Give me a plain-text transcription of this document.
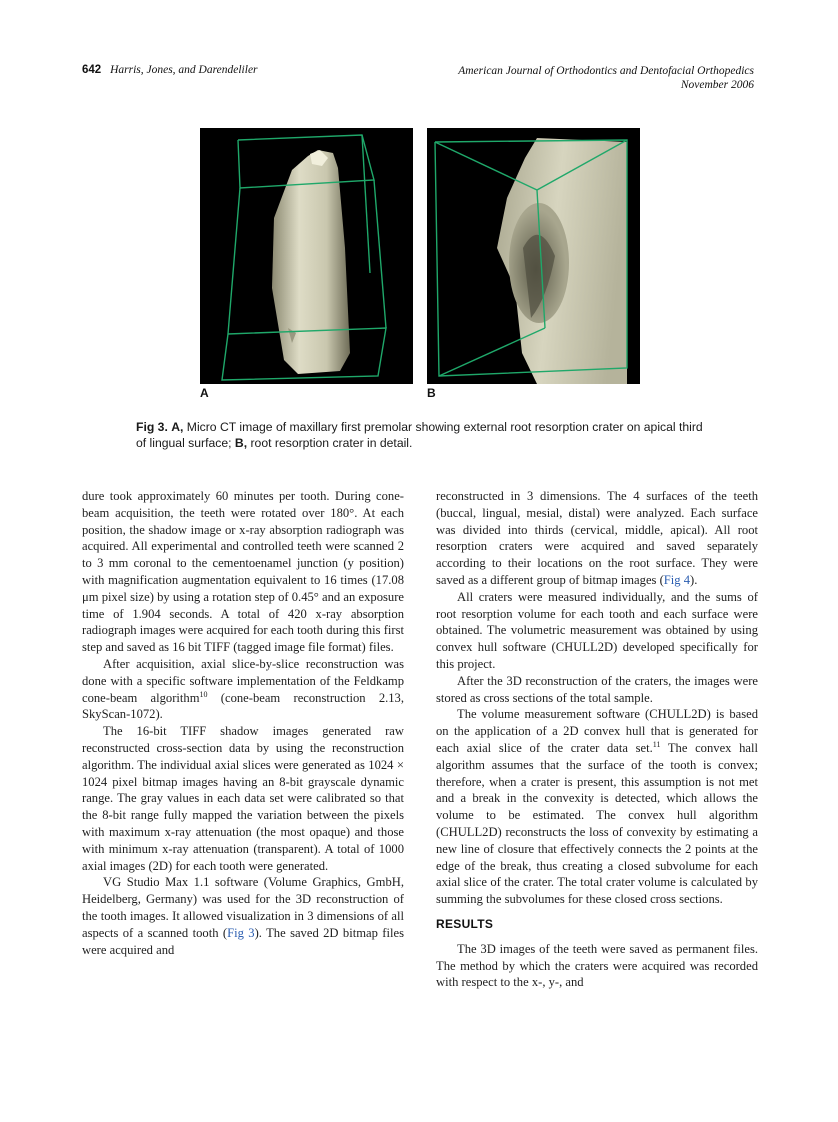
642 Harris, Jones, and Darendeliler	American Journal of Orthodontics and Dentofacial Orthopedics
November 2006
A	B
Fig 3. A, Micro CT image of maxillary first premolar showing external root resorption crater on apical third of lingual surface; B, root resorption crater in detail.

dure took approximately 60 minutes per tooth. During cone-beam acquisition, the teeth were rotated over 180°. At each position, the shadow image or x-ray absorption radiograph was acquired. All experimental and controlled teeth were scanned 2 to 3 mm coronal to the cementoenamel junction (y position) with magnification augmentation equivalent to 16 times (17.08 μm pixel size) by using a rotation step of 0.45° and an exposure time of 1.904 seconds. A total of 420 x-ray absorption radiograph images were acquired for each tooth during this first step and saved as 16 bit TIFF (tagged image file format) files.

After acquisition, axial slice-by-slice reconstruction was done with a specific software implementation of the Feldkamp cone-beam algorithm$^{10}$ (cone-beam reconstruction 2.13, SkyScan-1072).

The 16-bit TIFF shadow images generated raw reconstructed cross-section data by using the reconstruction algorithm. The individual axial slices were generated as 1024 × 1024 pixel bitmap images having an 8-bit grayscale dynamic range. The gray values in each data set were calibrated so that the 8-bit range fully mapped the variation between the pixels with maximum x-ray attenuation (the most opaque) and those with minimum x-ray attenuation (transparent). A total of 1000 axial images (2D) for each tooth were generated.

VG Studio Max 1.1 software (Volume Graphics, GmbH, Heidelberg, Germany) was used for the 3D reconstruction of the tooth images. It allowed visualization in 3 dimensions of all aspects of a scanned tooth (Fig 3). The saved 2D bitmap files were acquired and

reconstructed in 3 dimensions. The 4 surfaces of the teeth (buccal, lingual, mesial, distal) were analyzed. Each surface was divided into thirds (cervical, middle, apical). All root resorption craters were acquired and saved separately according to their locations on the root surface. They were saved as a different group of bitmap images (Fig 4).

All craters were measured individually, and the sums of root resorption volume for each tooth and each surface were obtained. The volumetric measurement was obtained by using convex hull software (CHULL2D) developed specifically for this project.

After the 3D reconstruction of the craters, the images were stored as cross sections of the total sample.

The volume measurement software (CHULL2D) is based on the application of a 2D convex hull that is generated for each axial slice of the crater data set.$^{11}$ The convex hall algorithm assumes that the surface of the tooth is convex; therefore, when a crater is present, this assumption is not met and a break in the convexity is detected, which allows the volume to be estimated. The convex hull algorithm (CHULL2D) reconstructs the loss of convexity by estimating a new line of closure that effectively connects the 2 points at the edge of the break, thus creating a closed subvolume for each axial slice of the crater. The total crater volume is calculated by summing the subvolumes for these closed cross sections.

RESULTS

The 3D images of the teeth were saved as permanent files. The method by which the craters were acquired was recorded with respect to the x-, y-, and
